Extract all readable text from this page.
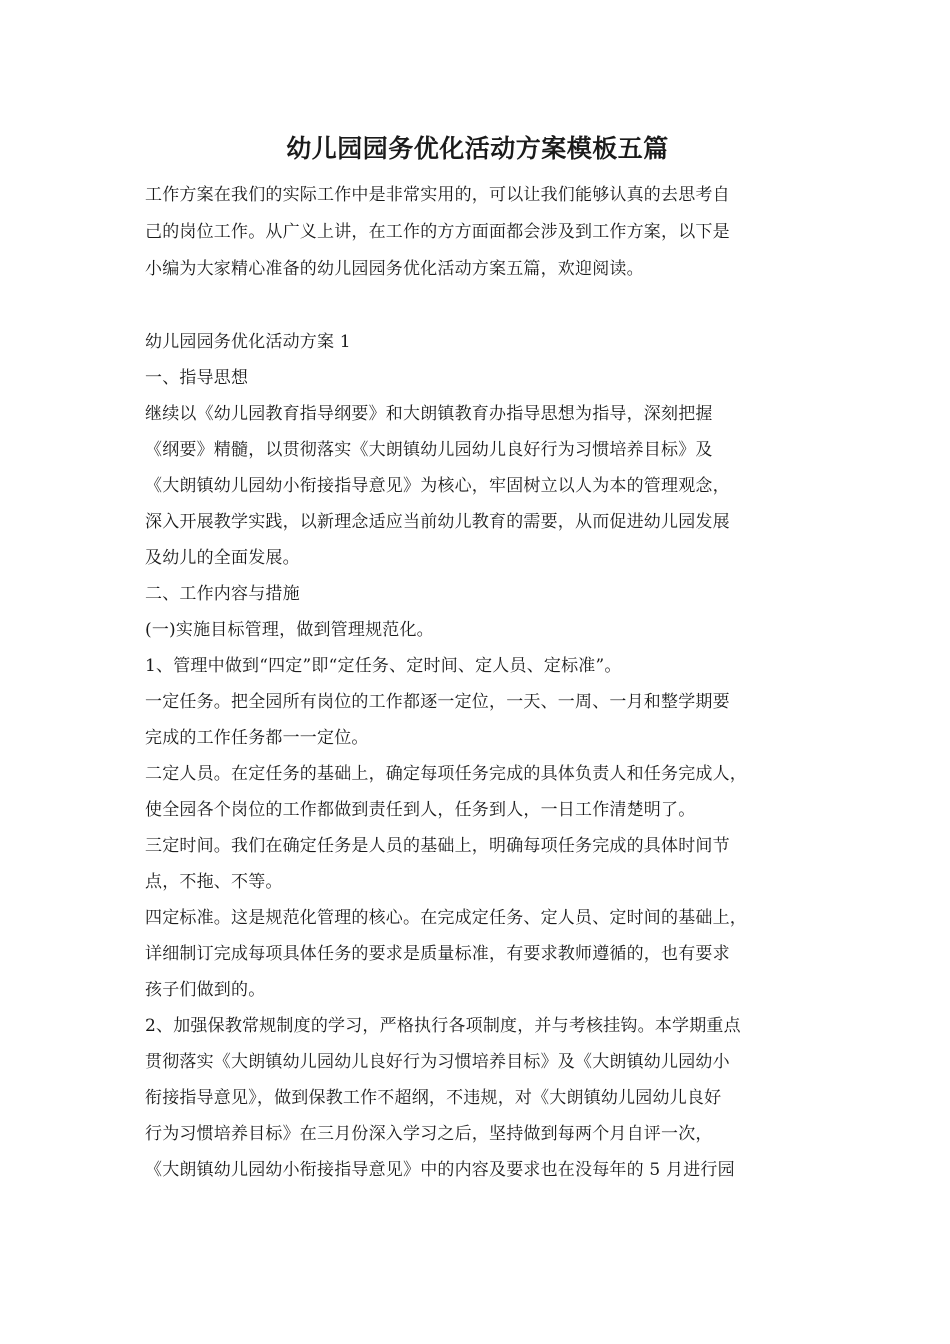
幼儿园园务优化活动方案模板五篇

工作方案在我们的实际工作中是非常实用的，可以让我们能够认真的去思考自

己的岗位工作。从广义上讲，在工作的方方面面都会涉及到工作方案，以下是

小编为大家精心准备的幼儿园园务优化活动方案五篇，欢迎阅读。

幼儿园园务优化活动方案 1

一、指导思想

继续以《幼儿园教育指导纲要》和大朗镇教育办指导思想为指导，深刻把握

《纲要》精髓，以贯彻落实《大朗镇幼儿园幼儿良好行为习惯培养目标》及

《大朗镇幼儿园幼小衔接指导意见》为核心，牢固树立以人为本的管理观念，

深入开展教学实践，以新理念适应当前幼儿教育的需要，从而促进幼儿园发展

及幼儿的全面发展。

二、工作内容与措施

(一)实施目标管理，做到管理规范化。

1、管理中做到“四定”即“定任务、定时间、定人员、定标准”。

一定任务。把全园所有岗位的工作都逐一定位，一天、一周、一月和整学期要

完成的工作任务都一一定位。

二定人员。在定任务的基础上，确定每项任务完成的具体负责人和任务完成人，

使全园各个岗位的工作都做到责任到人，任务到人，一日工作清楚明了。

三定时间。我们在确定任务是人员的基础上，明确每项任务完成的具体时间节

点，不拖、不等。

四定标准。这是规范化管理的核心。在完成定任务、定人员、定时间的基础上，

详细制订完成每项具体任务的要求是质量标准，有要求教师遵循的，也有要求

孩子们做到的。

2、加强保教常规制度的学习，严格执行各项制度，并与考核挂钩。本学期重点

贯彻落实《大朗镇幼儿园幼儿良好行为习惯培养目标》及《大朗镇幼儿园幼小

衔接指导意见》，做到保教工作不超纲，不违规，对《大朗镇幼儿园幼儿良好

行为习惯培养目标》在三月份深入学习之后，坚持做到每两个月自评一次，

《大朗镇幼儿园幼小衔接指导意见》中的内容及要求也在没每年的 5 月进行园
